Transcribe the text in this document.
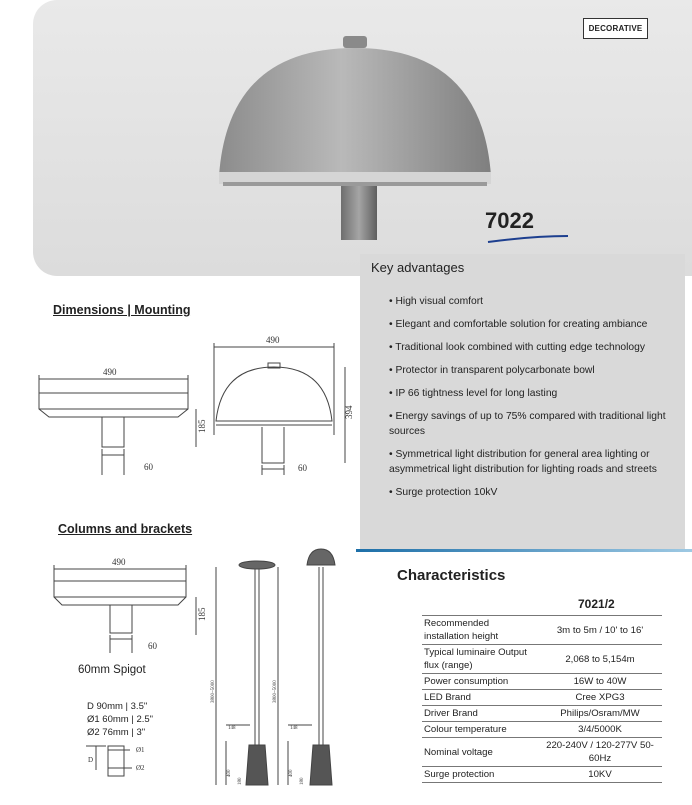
DECORATIVE
7022
Key advantages
• High visual comfort
• Elegant and comfortable solution for creating ambiance
• Traditional look combined with cutting edge technology
• Protector in transparent polycarbonate bowl
• IP 66 tightness level for long lasting
• Energy savings of up to 75% compared with traditional light sources
• Symmetrical light distribution for general area lighting or asymmetrical light distribution for lighting roads and streets
• Surge protection 10kV
Dimensions | Mounting
490
185
60
490
394
60
Columns and brackets
490
185
60
3800~5000	3800~5000
148	148
400	400
180	180
60mm Spigot
D 90mm | 3.5"
Ø1 60mm | 2.5"
Ø2 76mm | 3"
D
Ø1
Ø2
Characteristics
7021/2
Recommended installation height	3m to 5m / 10' to 16'
Typical luminaire Output flux (range)	2,068 to 5,154m
Power consumption	16W to 40W
LED Brand	Cree XPG3
Driver Brand	Philips/Osram/MW
Colour temperature	3/4/5000K
Nominal voltage	220-240V / 120-277V 50-60Hz
Surge protection	10KV
